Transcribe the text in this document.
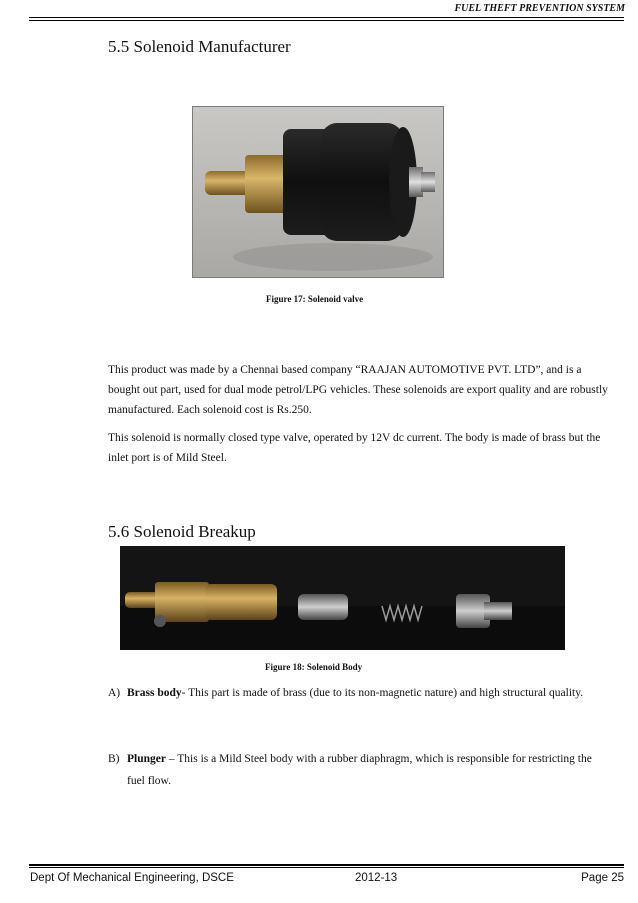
FUEL THEFT PREVENTION SYSTEM
5.5 Solenoid Manufacturer
Figure 17: Solenoid valve
This product was made by a Chennai based company “RAAJAN AUTOMOTIVE PVT. LTD”, and is a bought out part, used for dual mode petrol/LPG vehicles. These solenoids are export quality and are robustly manufactured. Each solenoid cost is Rs.250.
This solenoid is normally closed type valve, operated by 12V dc current. The body is made of brass but the inlet port is of Mild Steel.
5.6 Solenoid Breakup
Figure 18: Solenoid Body
A) Brass body- This part is made of brass (due to its non-magnetic nature) and high structural quality.
B) Plunger – This is a Mild Steel body with a rubber diaphragm, which is responsible for restricting the fuel flow.
Dept Of Mechanical Engineering, DSCE	2012-13	Page 25
